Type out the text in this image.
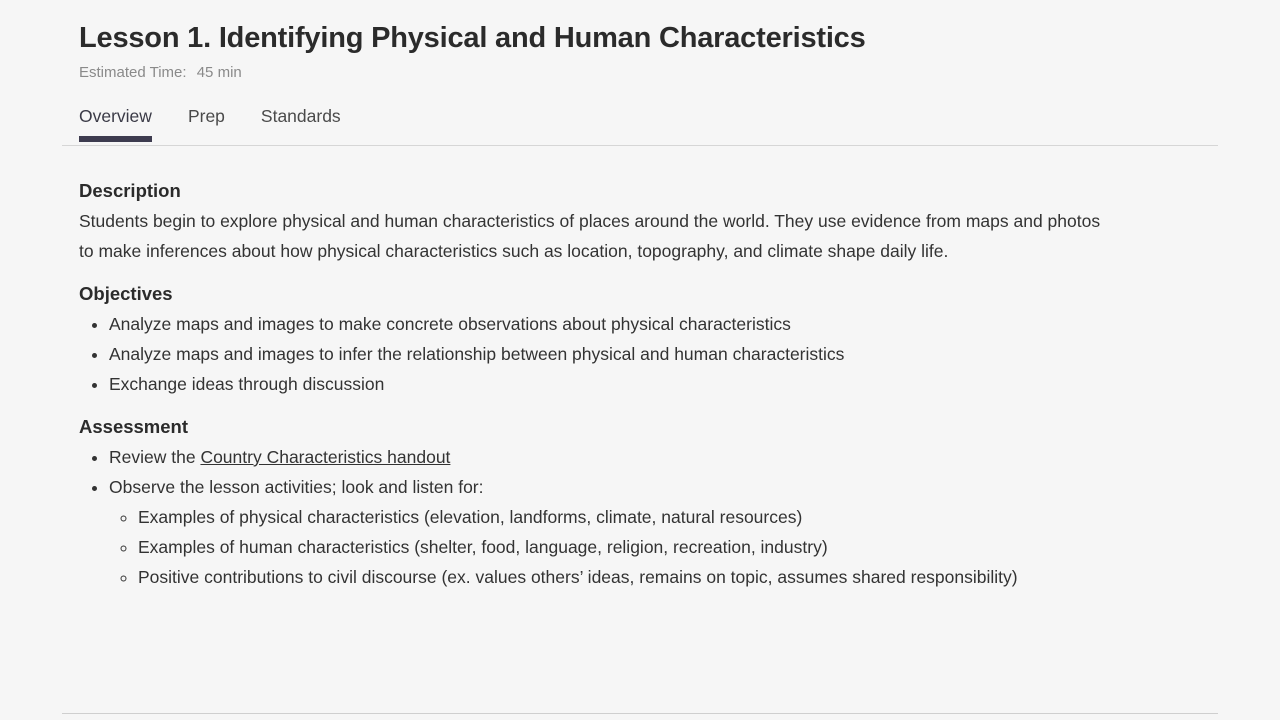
Lesson 1. Identifying Physical and Human Characteristics
Estimated Time: 45 min
Overview Prep Standards
Description

Students begin to explore physical and human characteristics of places around the world. They use evidence from maps and photos to make inferences about how physical characteristics such as location, topography, and climate shape daily life.

Objectives
• Analyze maps and images to make concrete observations about physical characteristics
• Analyze maps and images to infer the relationship between physical and human characteristics
• Exchange ideas through discussion
Assessment
• Review the Country Characteristics handout
• Observe the lesson activities; look and listen for:
◦ Examples of physical characteristics (elevation, landforms, climate, natural resources)
◦ Examples of human characteristics (shelter, food, language, religion, recreation, industry)
◦ Positive contributions to civil discourse (ex. values others’ ideas, remains on topic, assumes shared responsibility)
